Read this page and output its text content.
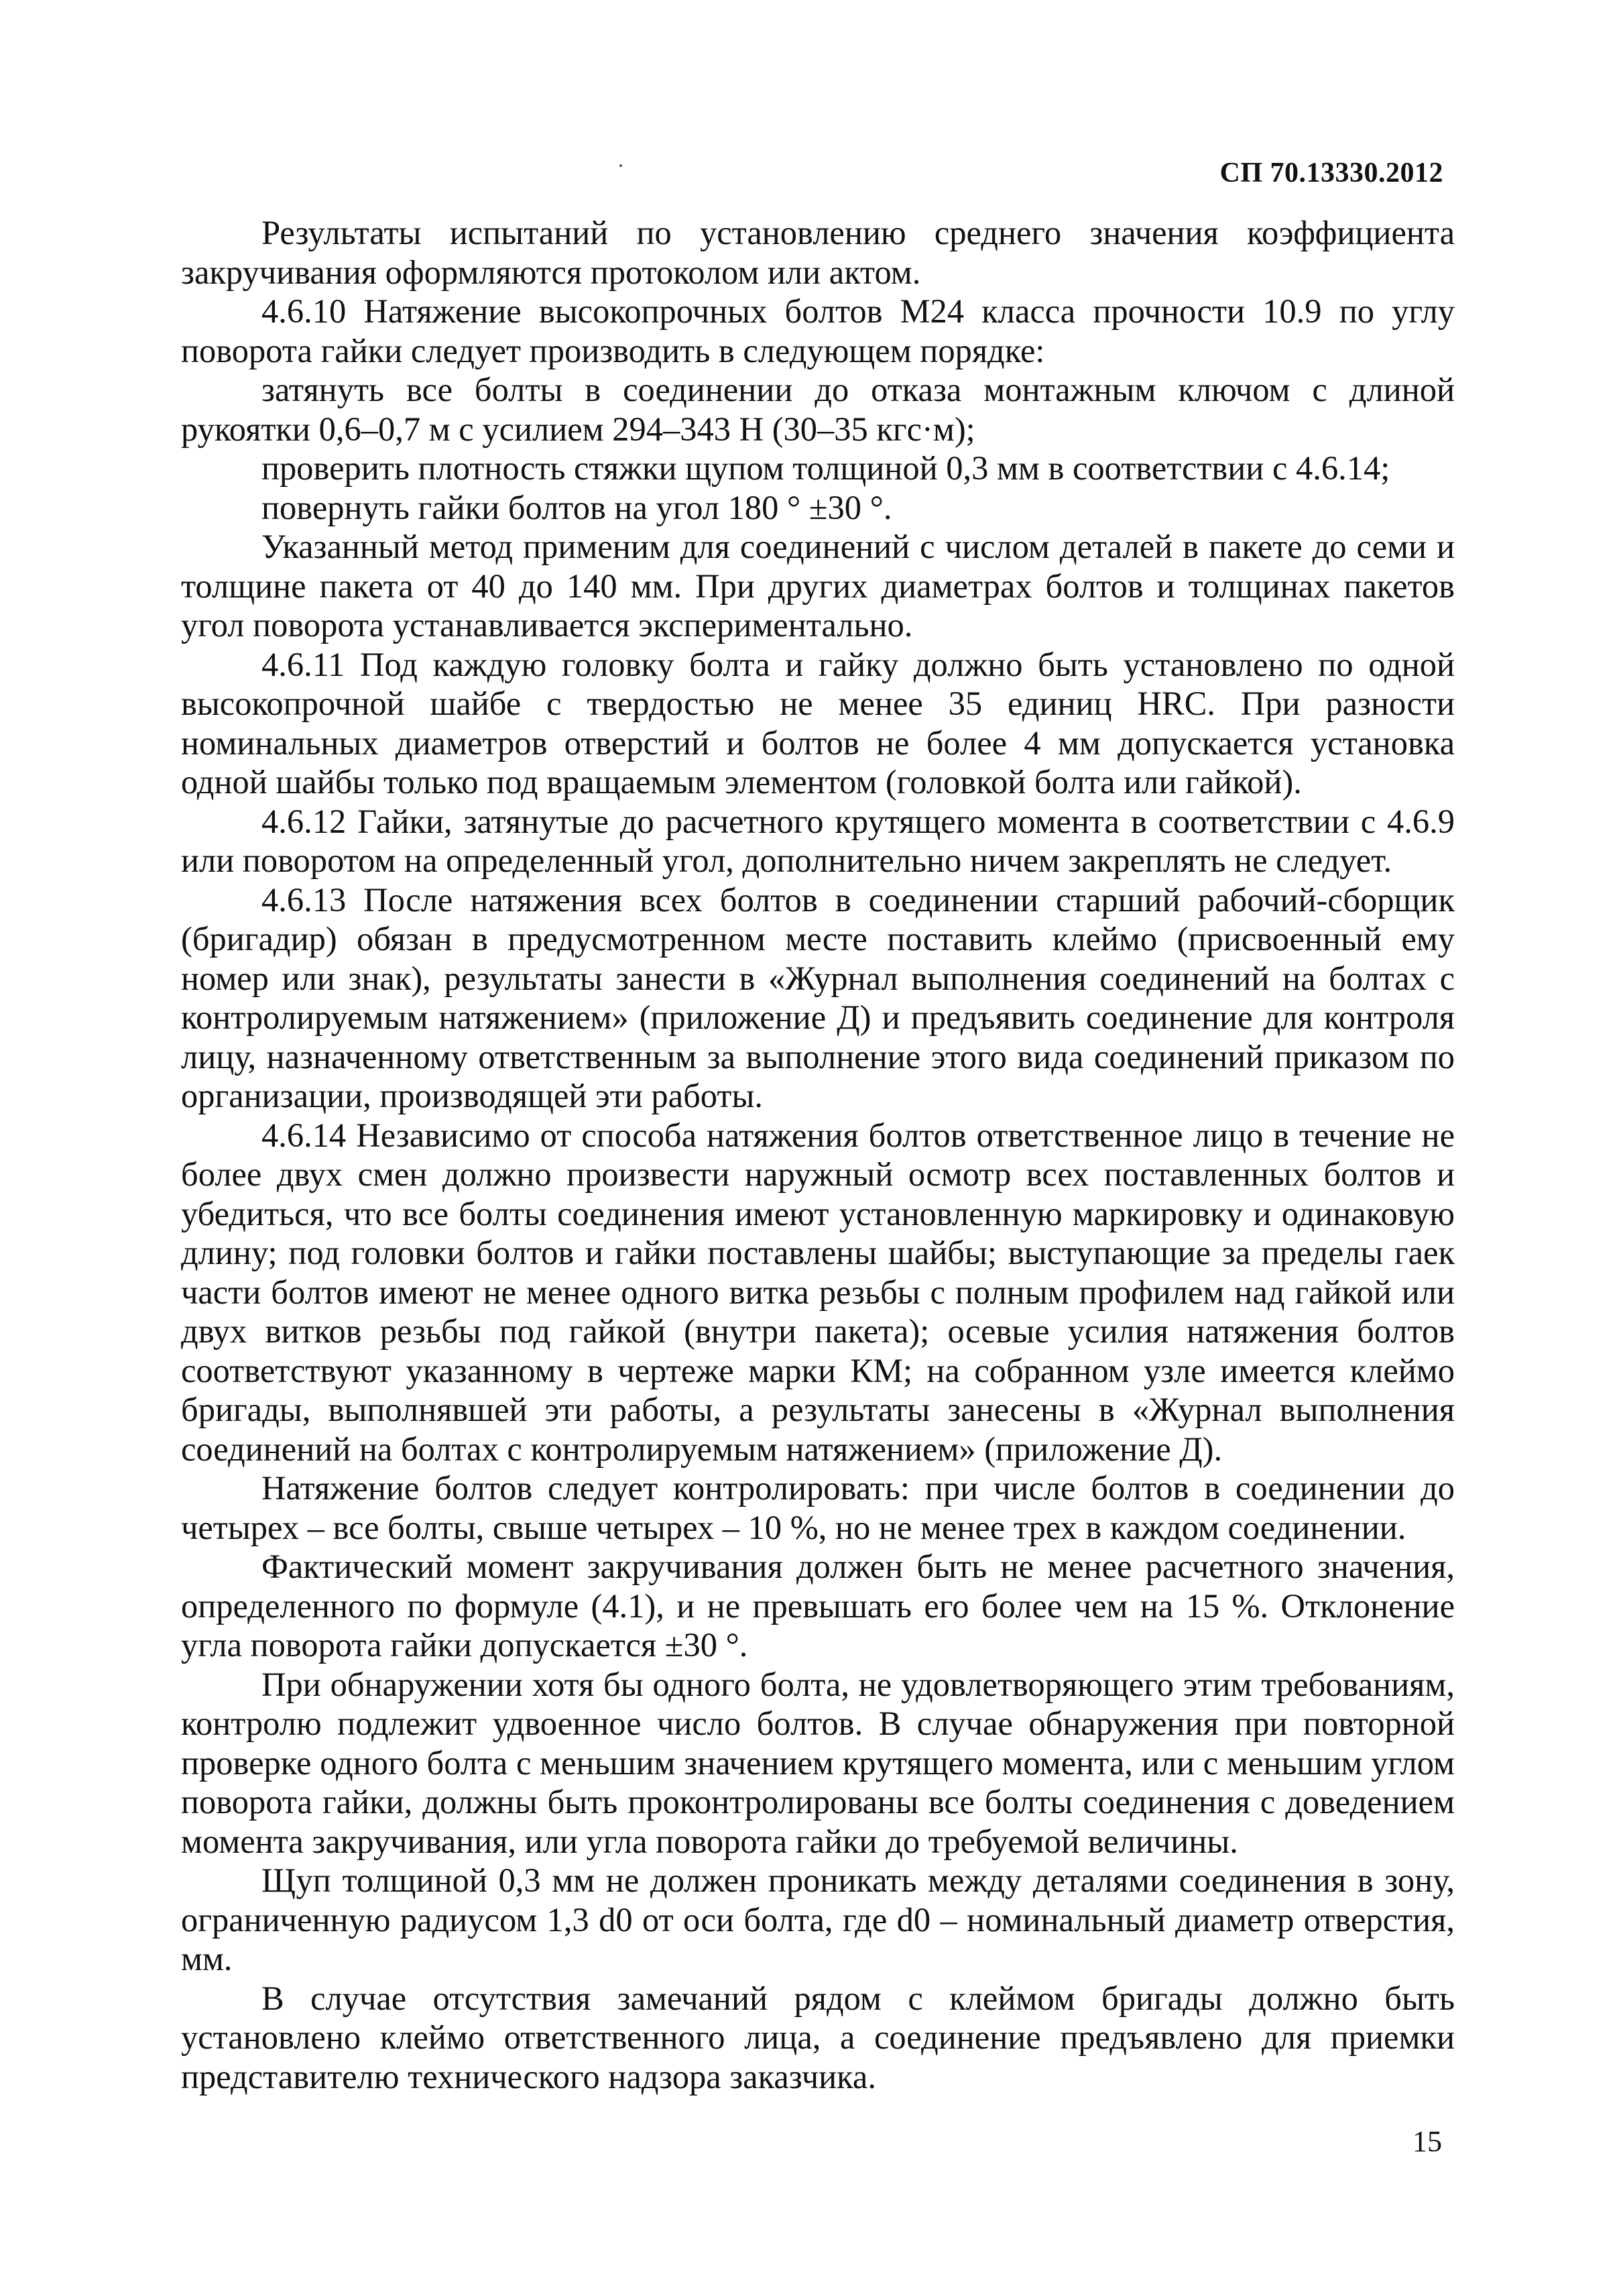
СП 70.13330.2012

Результаты испытаний по установлению среднего значения коэффициента закручивания оформляются протоколом или актом.

4.6.10 Натяжение высокопрочных болтов М24 класса прочности 10.9 по углу поворота гайки следует производить в следующем порядке:

затянуть все болты в соединении до отказа монтажным ключом с длиной рукоятки 0,6–0,7 м с усилием 294–343 Н (30–35 кгс·м);

проверить плотность стяжки щупом толщиной 0,3 мм в соответствии с 4.6.14;

повернуть гайки болтов на угол 180 ° ±30 °.

Указанный метод применим для соединений с числом деталей в пакете до семи и толщине пакета от 40 до 140 мм. При других диаметрах болтов и толщинах пакетов угол поворота устанавливается экспериментально.

4.6.11 Под каждую головку болта и гайку должно быть установлено по одной высокопрочной шайбе с твердостью не менее 35 единиц HRC. При разности номинальных диаметров отверстий и болтов не более 4 мм допускается установка одной шайбы только под вращаемым элементом (головкой болта или гайкой).

4.6.12 Гайки, затянутые до расчетного крутящего момента в соответствии с 4.6.9 или поворотом на определенный угол, дополнительно ничем закреплять не следует.

4.6.13 После натяжения всех болтов в соединении старший рабочий-сборщик (бригадир) обязан в предусмотренном месте поставить клеймо (присвоенный ему номер или знак), результаты занести в «Журнал выполнения соединений на болтах с контролируемым натяжением» (приложение Д) и предъявить соединение для контроля лицу, назначенному ответственным за выполнение этого вида соединений приказом по организации, производящей эти работы.

4.6.14 Независимо от способа натяжения болтов ответственное лицо в течение не более двух смен должно произвести наружный осмотр всех поставленных болтов и убедиться, что все болты соединения имеют установленную маркировку и одинаковую длину; под головки болтов и гайки поставлены шайбы; выступающие за пределы гаек части болтов имеют не менее одного витка резьбы с полным профилем над гайкой или двух витков резьбы под гайкой (внутри пакета); осевые усилия натяжения болтов соответствуют указанному в чертеже марки КМ; на собранном узле имеется клеймо бригады, выполнявшей эти работы, а результаты занесены в «Журнал выполнения соединений на болтах с контролируемым натяжением» (приложение Д).

Натяжение болтов следует контролировать: при числе болтов в соединении до четырех – все болты, свыше четырех – 10 %, но не менее трех в каждом соединении.

Фактический момент закручивания должен быть не менее расчетного значения, определенного по формуле (4.1), и не превышать его более чем на 15 %. Отклонение угла поворота гайки допускается ±30 °.

При обнаружении хотя бы одного болта, не удовлетворяющего этим требованиям, контролю подлежит удвоенное число болтов. В случае обнаружения при повторной проверке одного болта с меньшим значением крутящего момента, или с меньшим углом поворота гайки, должны быть проконтролированы все болты соединения с доведением момента закручивания, или угла поворота гайки до требуемой величины.

Щуп толщиной 0,3 мм не должен проникать между деталями соединения в зону, ограниченную радиусом 1,3 d0 от оси болта, где d0 – номинальный диаметр отверстия, мм.

В случае отсутствия замечаний рядом с клеймом бригады должно быть установлено клеймо ответственного лица, а соединение предъявлено для приемки представителю технического надзора заказчика.

15
